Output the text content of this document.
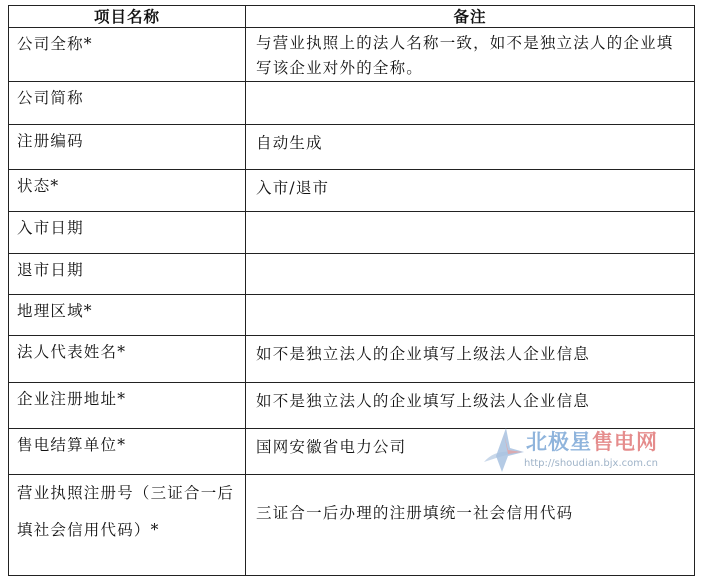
项目名称	备注
公司全称*	与营业执照上的法人名称一致，如不是独立法人的企业填写该企业对外的全称。
公司简称	
注册编码	自动生成
状态*	入市/退市
入市日期	
退市日期	
地理区域*	
法人代表姓名*	如不是独立法人的企业填写上级法人企业信息
企业注册地址*	如不是独立法人的企业填写上级法人企业信息
售电结算单位*	国网安徽省电力公司
营业执照注册号（三证合一后填社会信用代码）*	三证合一后办理的注册填统一社会信用代码
北极星售电网
http://shoudian.bjx.com.cn
